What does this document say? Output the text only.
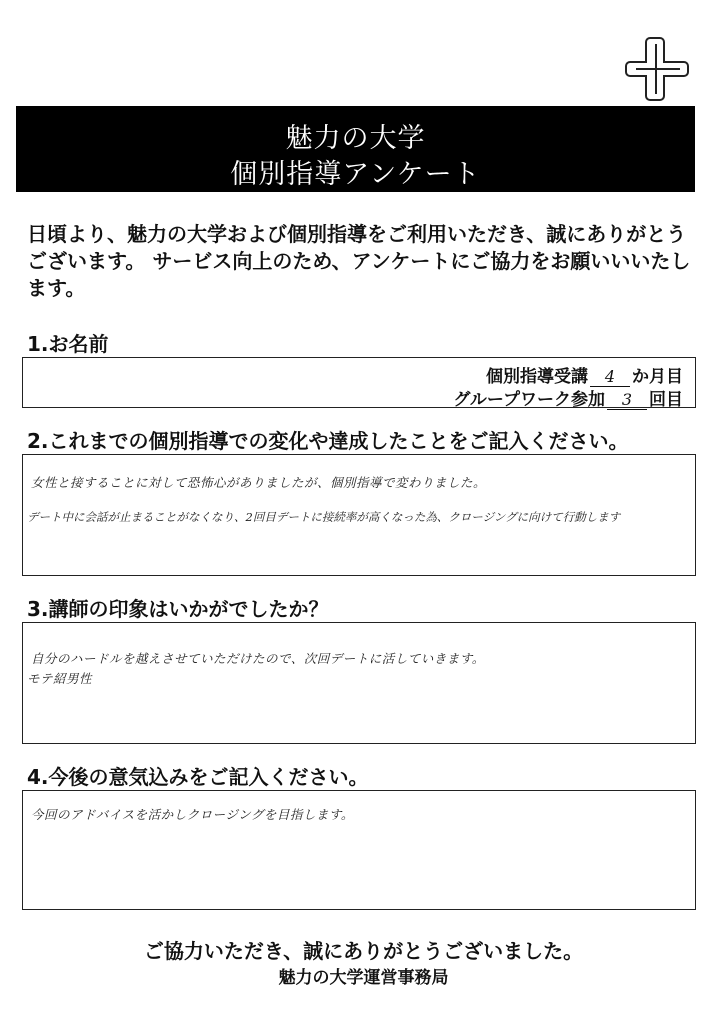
魅力の大学
個別指導アンケート

日頃より、魅力の大学および個別指導をご利用いただき、誠にありがとうございます。 サービス向上のため、アンケートにご協力をお願いいいたします。

1.お名前

個別指導受講 4 か月目
グループワーク参加 3 回目

2.これまでの個別指導での変化や達成したことをご記入ください。

女性と接することに対して恐怖心がありましたが、個別指導で変わりました。
デート中に会話が止まることがなくなり、2回目デートに接続率が高くなった為、クロージングに向けて行動します

3.講師の印象はいかがでしたか？

自分のハードルを越えさせていただけたので、次回デートに活していきます。
モテ紹男性

4.今後の意気込みをご記入ください。

今回のアドバイスを活かしクロージングを目指します。
ご協力いただき、誠にありがとうございました。
魅力の大学運営事務局
